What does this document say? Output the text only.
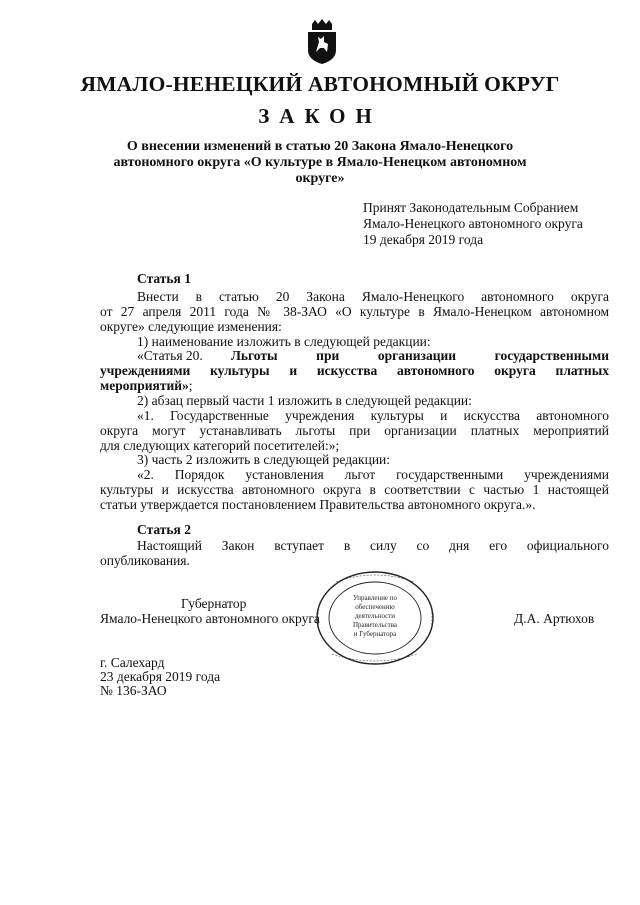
ЯМАЛО-НЕНЕЦКИЙ АВТОНОМНЫЙ ОКРУГ
ЗАКОН
О внесении изменений в статью 20 Закона Ямало-Ненецкого
автономного округа «О культуре в Ямало-Ненецком автономном округе»
Принят Законодательным Собранием
Ямало-Ненецкого автономного округа
19 декабря 2019 года
Статья 1
Внести в статью 20 Закона Ямало-Ненецкого автономного округа
от 27 апреля 2011 года № 38-ЗАО «О культуре в Ямало-Ненецком автономном
округе» следующие изменения:
1) наименование изложить в следующей редакции:
«Статья 20. Льготы при организации государственными
учреждениями культуры и искусства автономного округа платных
мероприятий»;
2) абзац первый части 1 изложить в следующей редакции:
«1. Государственные учреждения культуры и искусства автономного
округа могут устанавливать льготы при организации платных мероприятий
для следующих категорий посетителей:»;
3) часть 2 изложить в следующей редакции:
«2. Порядок установления льгот государственными учреждениями
культуры и искусства автономного округа в соответствии с частью 1 настоящей
статьи утверждается постановлением Правительства автономного округа.».
Статья 2
Настоящий Закон вступает в силу со дня его официального
опубликования.
Губернатор
Ямало-Ненецкого автономного округа	Д.А. Артюхов
Управление по
обеспечению
деятельности
Правительства
и Губернатора
г. Салехард
23 декабря 2019 года
№ 136-ЗАО
